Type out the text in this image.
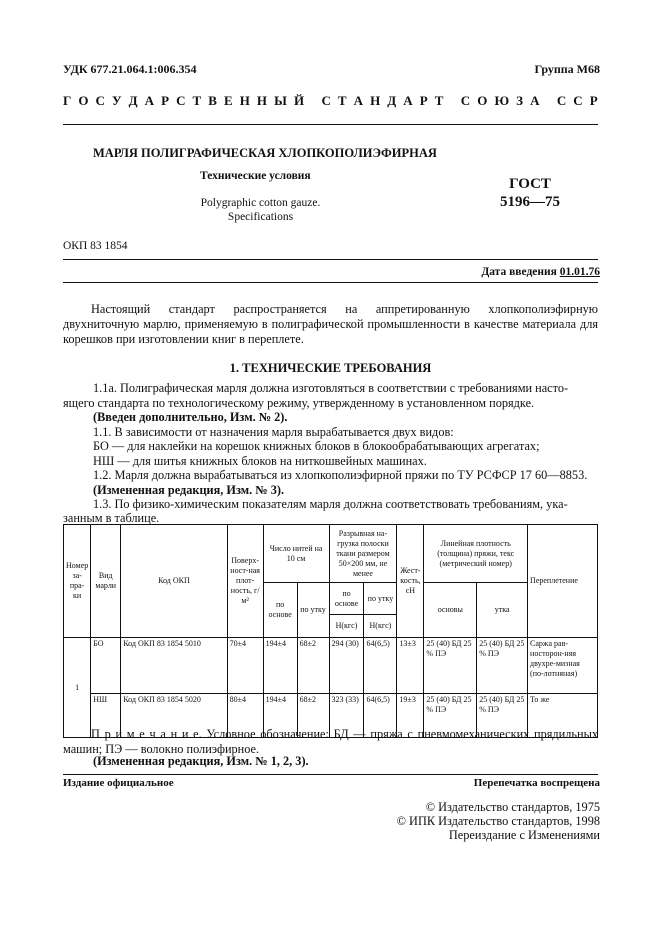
УДК 677.21.064.1:006.354	Группа М68
Г О С У Д А Р С Т В Е Н Н Ы Й
С Т А Н Д А Р Т
С О Ю З А
С С Р
МАРЛЯ ПОЛИГРАФИЧЕСКАЯ ХЛОПКОПОЛИЭФИРНАЯ
Технические условия
Polygraphic cotton gauze.
Specifications
ГОСТ
5196—75
ОКП 83 1854
Дата введения 01.01.76
Настоящий стандарт распространяется на аппретированную хлопкополиэфирную двухниточную марлю, применяемую в полиграфической промышленности в качестве материала для корешков при изготовлении книг в переплете.
1. ТЕХНИЧЕСКИЕ ТРЕБОВАНИЯ
1.1а. Полиграфическая марля должна изготовляться в соответствии с требованиями насто-
ящего стандарта по технологическому режиму, утвержденному в установленном порядке.
(Введен дополнительно, Изм. № 2).
1.1. В зависимости от назначения марля вырабатывается двух видов:
БО — для наклейки на корешок книжных блоков в блокообрабатывающих агрегатах;
НШ — для шитья книжных блоков на ниткошвейных машинах.
1.2. Марля должна вырабатываться из хлопкополиэфирной пряжи по ТУ РСФСР 17 60—8853.
(Измененная редакция, Изм. № 3).
1.3. По физико-химическим показателям марля должна соответствовать требованиям, ука-
занным в таблице.
Номер за-пра-ки	Вид марли	Код ОКП	Поверх-ност-ная плот-ность, г/м²	Число нитей на 10 см		Разрывная на-грузка полоски ткани размером 50×200 мм, не менее		Жест-кость, сН	Линейная плотность (толщина) пряжи, текс (метрический номер)		Переплетение
				по основе	по утку	по основе	по утку		основы	утка	
						Н(кгс)	Н(кгс)				
1	БО	Код ОКП 83 1854 5010	70±4	194±4	68±2	294 (30)	64(6,5)	13±3	25 (40) БД 25 % ПЭ	25 (40) БД 25 % ПЭ	Саржа рав-носторон-няя двухре-мизная (по-лотняная)
	НШ	Код ОКП 83 1854 5020	80±4	194±4	68±2	323 (33)	64(6,5)	19±3	25 (40) БД 25 % ПЭ	25 (40) БД 25 % ПЭ	То же
П р и м е ч а н и е. Условное обозначение: БД — пряжа с пневмомеханических прядильных машин; ПЭ — волокно полиэфирное.
(Измененная редакция, Изм. № 1, 2, 3).
Издание официальное	Перепечатка воспрещена
© Издательство стандартов, 1975
© ИПК Издательство стандартов, 1998
Переиздание с Изменениями
